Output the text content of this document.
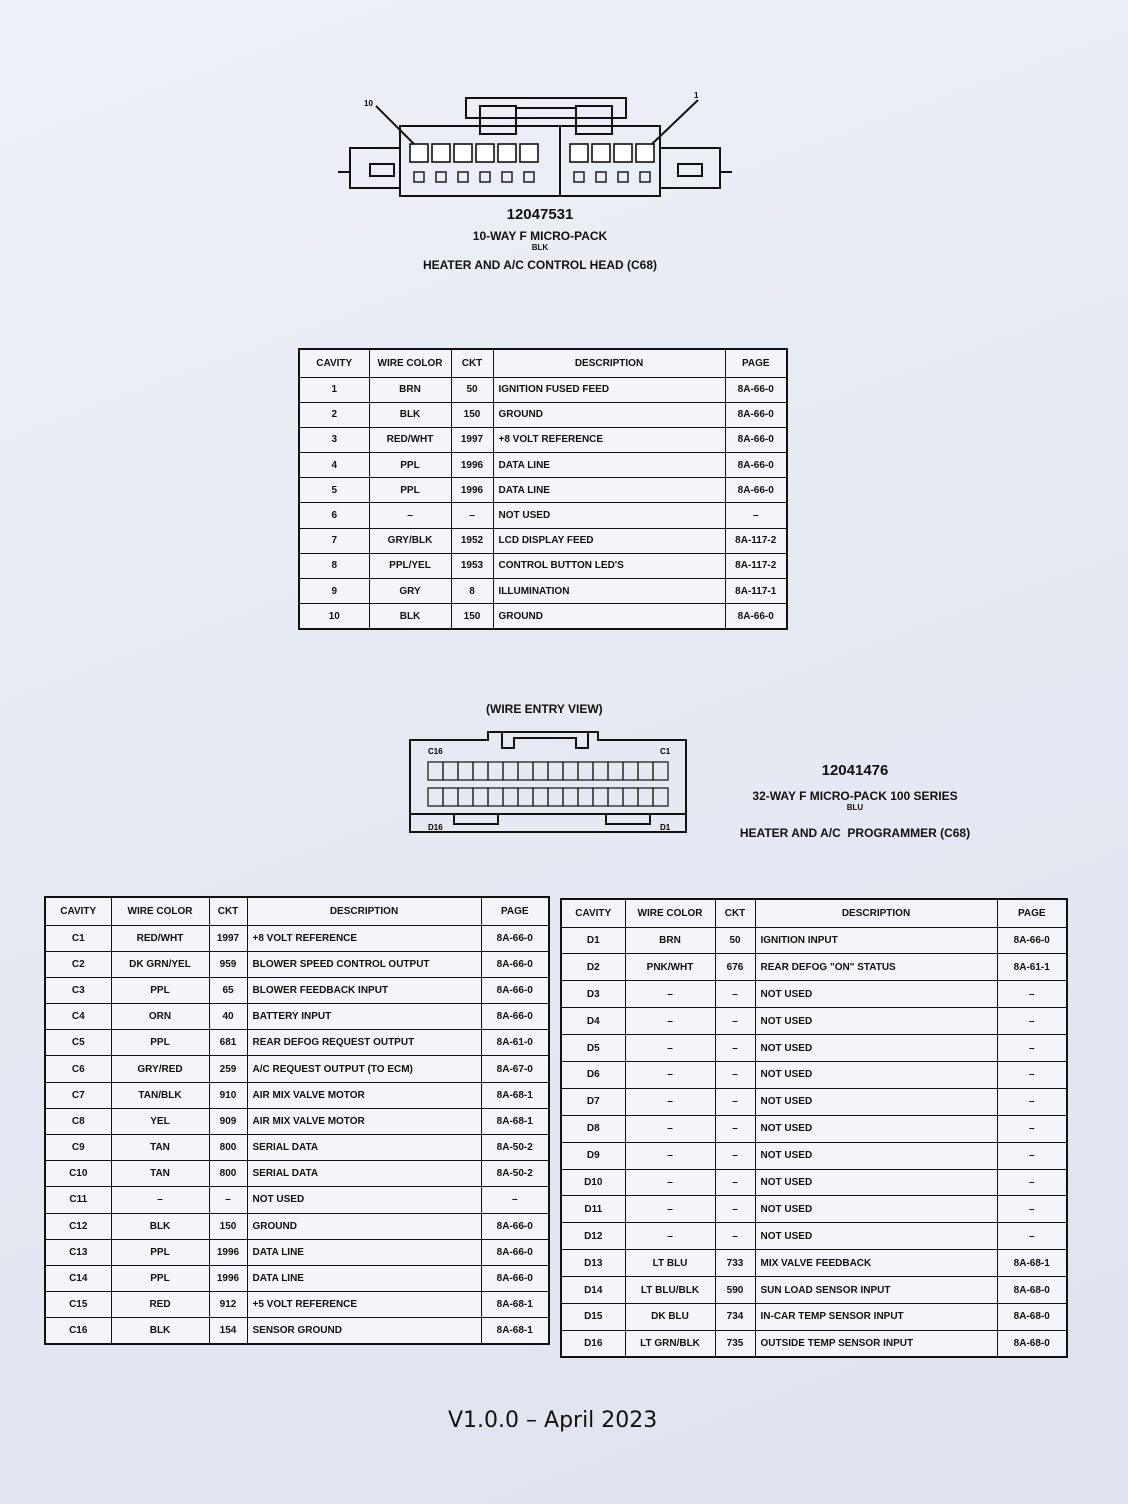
10
1
12047531
10-WAY F MICRO-PACK
BLK
HEATER AND A/C CONTROL HEAD (C68)
CAVITY	WIRE COLOR	CKT	DESCRIPTION	PAGE
1	BRN	50	IGNITION FUSED FEED	8A-66-0
2	BLK	150	GROUND	8A-66-0
3	RED/WHT	1997	+8 VOLT REFERENCE	8A-66-0
4	PPL	1996	DATA LINE	8A-66-0
5	PPL	1996	DATA LINE	8A-66-0
6	–	–	NOT USED	–
7	GRY/BLK	1952	LCD DISPLAY FEED	8A-117-2
8	PPL/YEL	1953	CONTROL BUTTON LED'S	8A-117-2
9	GRY	8	ILLUMINATION	8A-117-1
10	BLK	150	GROUND	8A-66-0
(WIRE ENTRY VIEW)
C16	C1
D16	D1
12041476
32-WAY F MICRO-PACK 100 SERIES
BLU
HEATER AND A/C  PROGRAMMER (C68)
CAVITY	WIRE COLOR	CKT	DESCRIPTION	PAGE
C1	RED/WHT	1997	+8 VOLT REFERENCE	8A-66-0
C2	DK GRN/YEL	959	BLOWER SPEED CONTROL OUTPUT	8A-66-0
C3	PPL	65	BLOWER FEEDBACK INPUT	8A-66-0
C4	ORN	40	BATTERY INPUT	8A-66-0
C5	PPL	681	REAR DEFOG REQUEST OUTPUT	8A-61-0
C6	GRY/RED	259	A/C REQUEST OUTPUT (TO ECM)	8A-67-0
C7	TAN/BLK	910	AIR MIX VALVE MOTOR	8A-68-1
C8	YEL	909	AIR MIX VALVE MOTOR	8A-68-1
C9	TAN	800	SERIAL DATA	8A-50-2
C10	TAN	800	SERIAL DATA	8A-50-2
C11	–	–	NOT USED	–
C12	BLK	150	GROUND	8A-66-0
C13	PPL	1996	DATA LINE	8A-66-0
C14	PPL	1996	DATA LINE	8A-66-0
C15	RED	912	+5 VOLT REFERENCE	8A-68-1
C16	BLK	154	SENSOR GROUND	8A-68-1
CAVITY	WIRE COLOR	CKT	DESCRIPTION	PAGE
D1	BRN	50	IGNITION INPUT	8A-66-0
D2	PNK/WHT	676	REAR DEFOG "ON" STATUS	8A-61-1
D3	–	–	NOT USED	–
D4	–	–	NOT USED	–
D5	–	–	NOT USED	–
D6	–	–	NOT USED	–
D7	–	–	NOT USED	–
D8	–	–	NOT USED	–
D9	–	–	NOT USED	–
D10	–	–	NOT USED	–
D11	–	–	NOT USED	–
D12	–	–	NOT USED	–
D13	LT BLU	733	MIX VALVE FEEDBACK	8A-68-1
D14	LT BLU/BLK	590	SUN LOAD SENSOR INPUT	8A-68-0
D15	DK BLU	734	IN-CAR TEMP SENSOR INPUT	8A-68-0
D16	LT GRN/BLK	735	OUTSIDE TEMP SENSOR INPUT	8A-68-0
V1.0.0 – April 2023
